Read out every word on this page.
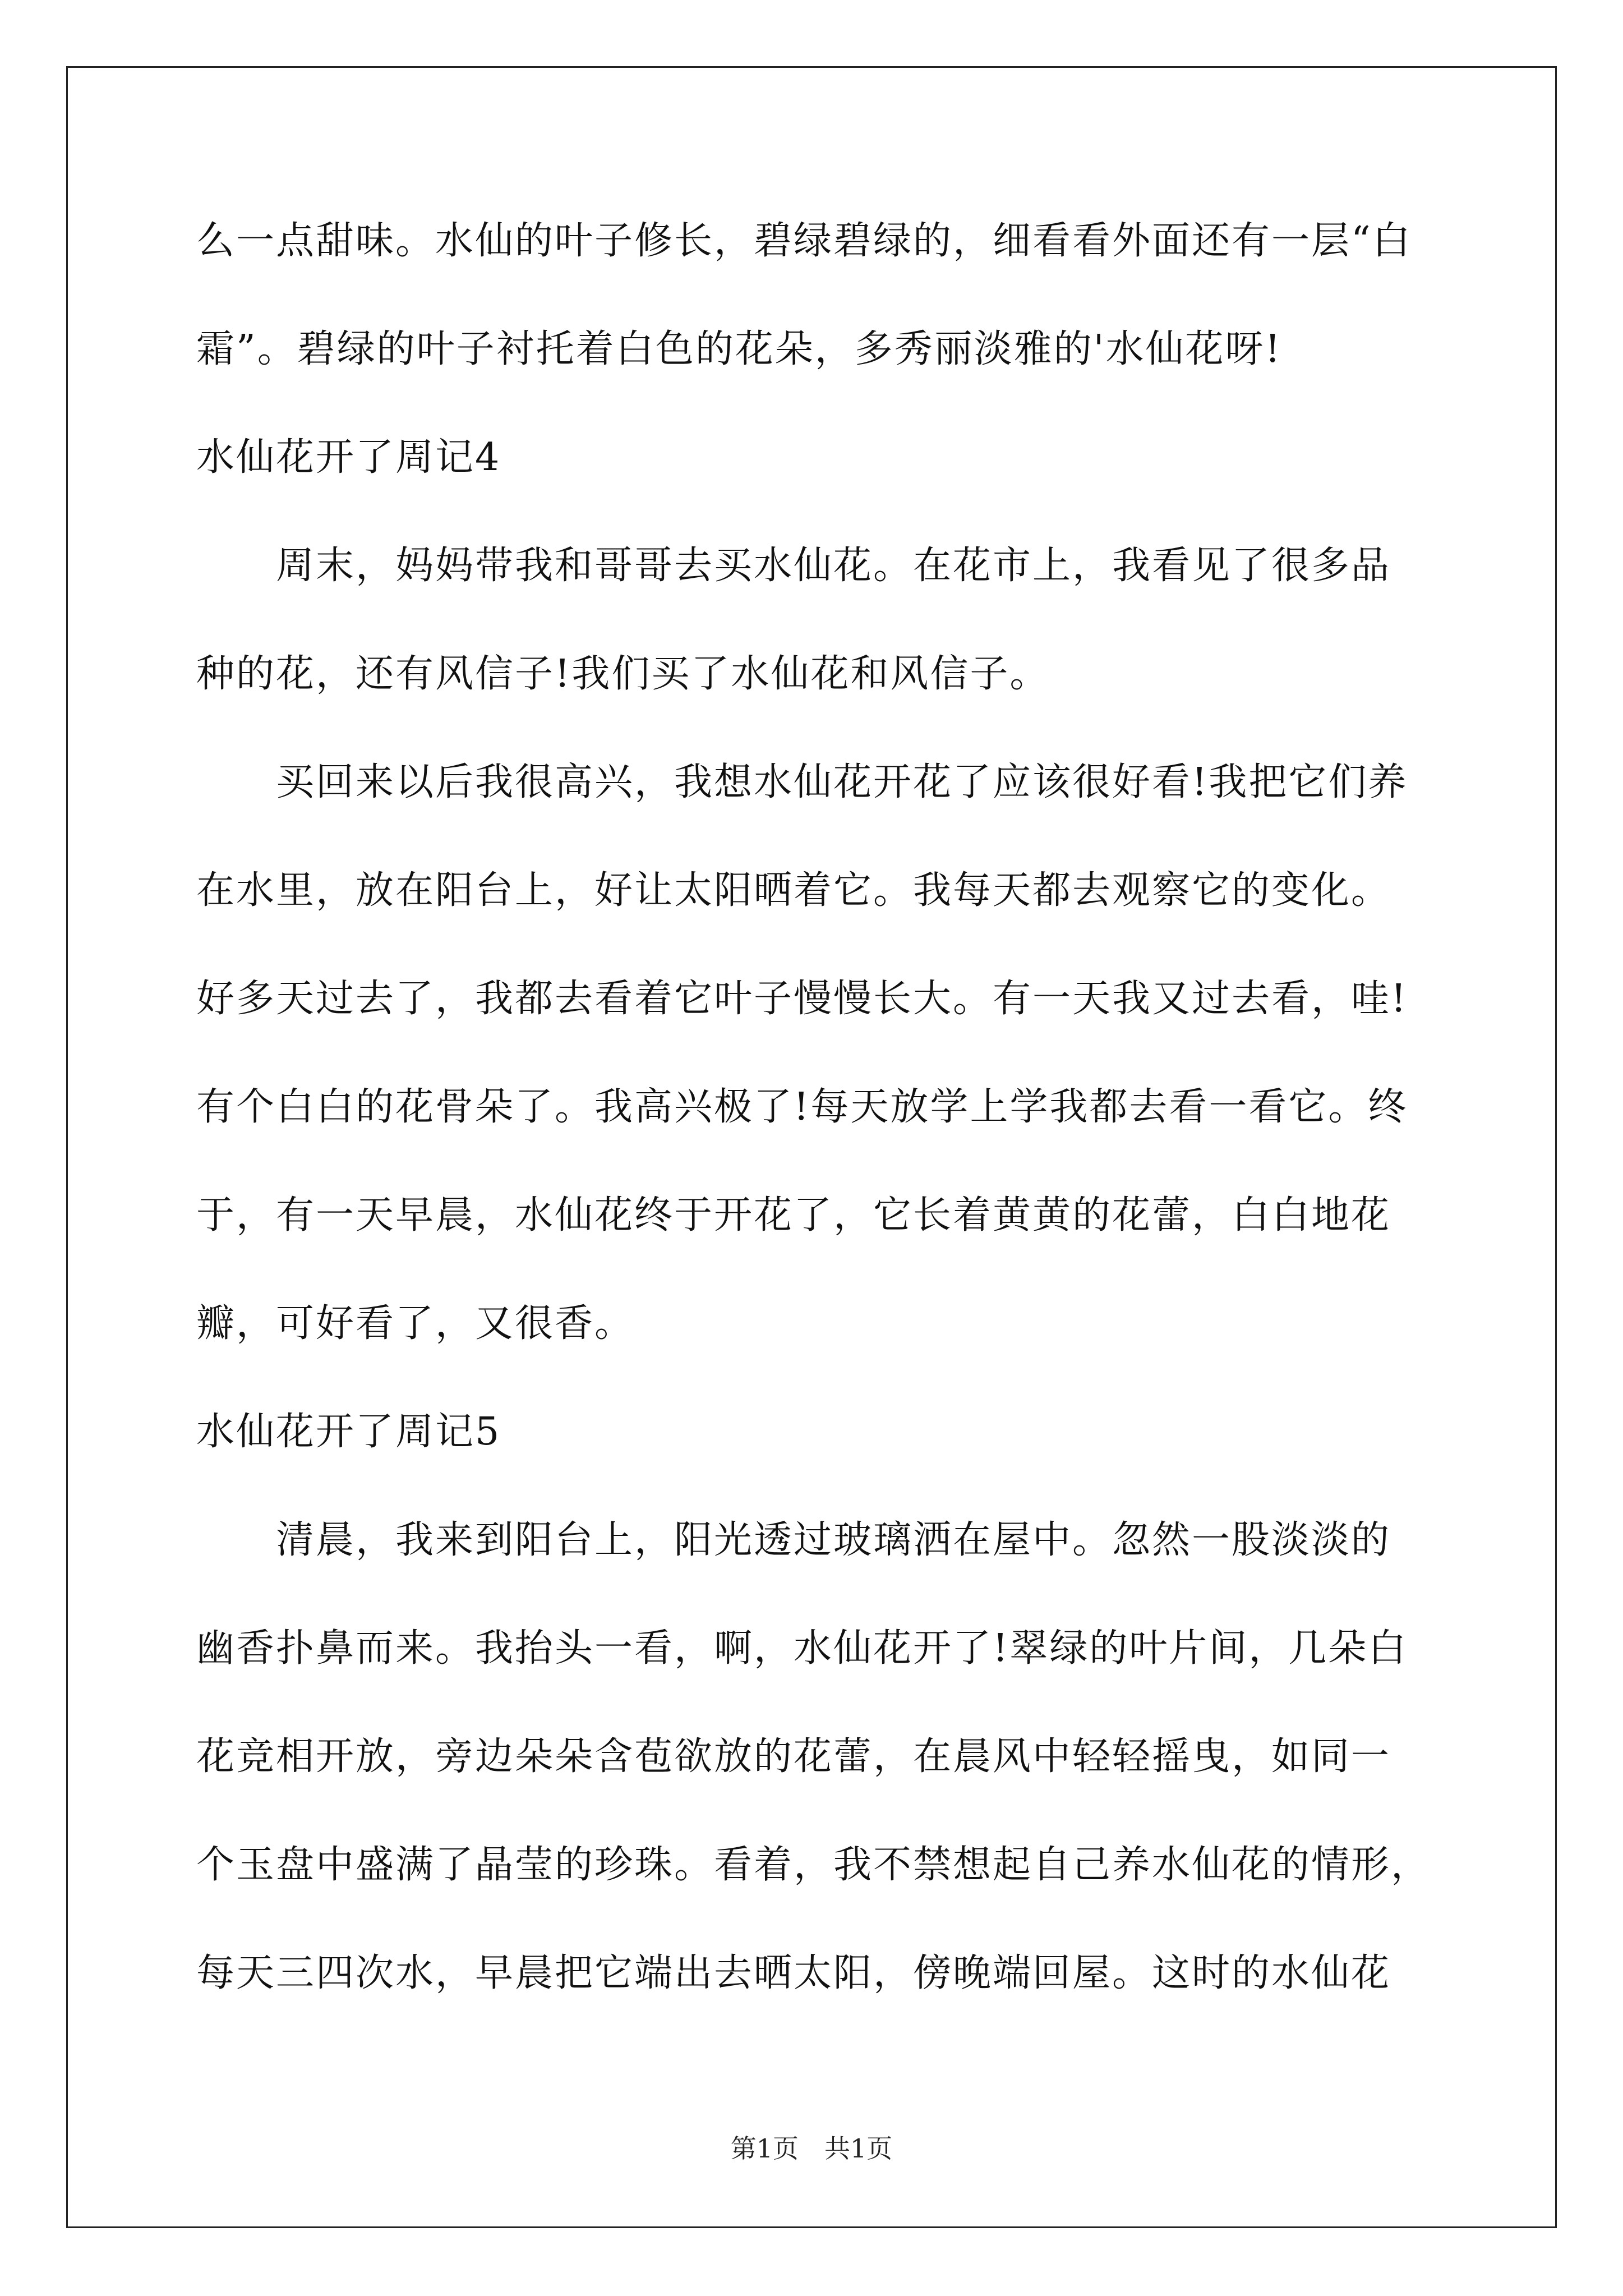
么一点甜味。水仙的叶子修长，碧绿碧绿的，细看看外面还有一层“白
霜”。碧绿的叶子衬托着白色的花朵，多秀丽淡雅的'水仙花呀!
水仙花开了周记4
　　周末，妈妈带我和哥哥去买水仙花。在花市上，我看见了很多品
种的花，还有风信子!我们买了水仙花和风信子。
　　买回来以后我很高兴，我想水仙花开花了应该很好看!我把它们养
在水里，放在阳台上，好让太阳晒着它。我每天都去观察它的变化。
好多天过去了，我都去看着它叶子慢慢长大。有一天我又过去看，哇!
有个白白的花骨朵了。我高兴极了!每天放学上学我都去看一看它。终
于，有一天早晨，水仙花终于开花了，它长着黄黄的花蕾，白白地花
瓣，可好看了，又很香。
水仙花开了周记5
　　清晨，我来到阳台上，阳光透过玻璃洒在屋中。忽然一股淡淡的
幽香扑鼻而来。我抬头一看，啊，水仙花开了!翠绿的叶片间，几朵白
花竞相开放，旁边朵朵含苞欲放的花蕾，在晨风中轻轻摇曳，如同一
个玉盘中盛满了晶莹的珍珠。看着，我不禁想起自己养水仙花的情形，
每天三四次水，早晨把它端出去晒太阳，傍晚端回屋。这时的水仙花
第1页　共1页
